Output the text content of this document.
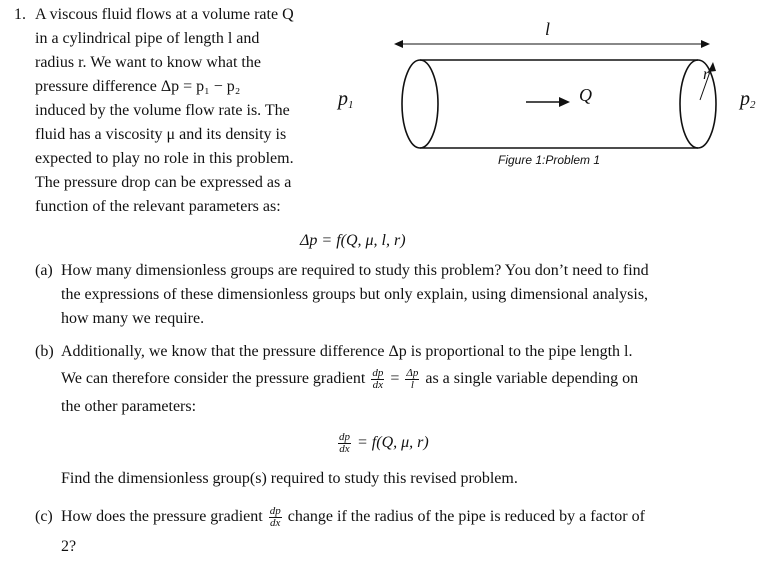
1. A viscous fluid flows at a volume rate Q
in a cylindrical pipe of length l and
radius r. We want to know what the
pressure difference Δp = p₁ − p₂
induced by the volume flow rate is. The
fluid has a viscosity μ and its density is
expected to play no role in this problem.
The pressure drop can be expressed as a
function of the relevant parameters as:
l
Q
r
$p_1$	$p_2$
Figure 1:Problem 1
Δp = f(Q, μ, l, r)
(a) How many dimensionless groups are required to study this problem? You don’t need to find
the expressions of these dimensionless groups but only explain, using dimensional analysis,
how many we require.
(b) Additionally, we know that the pressure difference Δp is proportional to the pipe length l.
We can therefore consider the pressure gradient $\frac{dp}{dx} = \frac{\Delta p}{l}$ as a single variable depending on
the other parameters:
$\frac{dp}{dx} = f(Q$, μ, r)
Find the dimensionless group(s) required to study this revised problem.
(c) How does the pressure gradient $\frac{dp}{dx}$ change if the radius of the pipe is reduced by a factor of
2?
